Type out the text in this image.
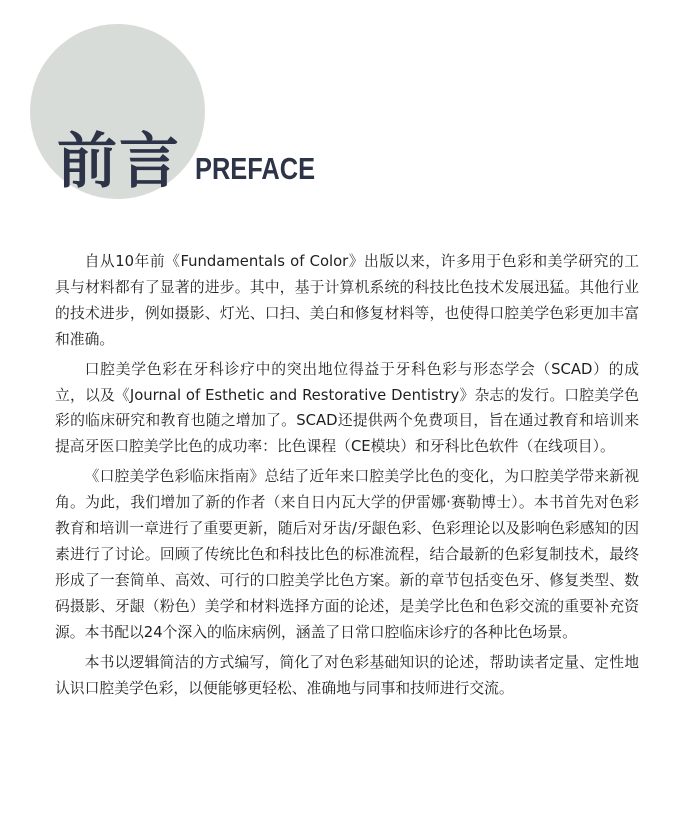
前言 PREFACE

自从10年前《Fundamentals of Color》出版以来，许多用于色彩和美学研究的工具与材料都有了显著的进步。其中，基于计算机系统的科技比色技术发展迅猛。其他行业的技术进步，例如摄影、灯光、口扫、美白和修复材料等，也使得口腔美学色彩更加丰富和准确。

口腔美学色彩在牙科诊疗中的突出地位得益于牙科色彩与形态学会（SCAD）的成立，以及《Journal of Esthetic and Restorative Dentistry》杂志的发行。口腔美学色彩的临床研究和教育也随之增加了。SCAD还提供两个免费项目，旨在通过教育和培训来提高牙医口腔美学比色的成功率：比色课程（CE模块）和牙科比色软件（在线项目）。

《口腔美学色彩临床指南》总结了近年来口腔美学比色的变化，为口腔美学带来新视角。为此，我们增加了新的作者（来自日内瓦大学的伊雷娜·赛勒博士）。本书首先对色彩教育和培训一章进行了重要更新，随后对牙齿/牙龈色彩、色彩理论以及影响色彩感知的因素进行了讨论。回顾了传统比色和科技比色的标准流程，结合最新的色彩复制技术，最终形成了一套简单、高效、可行的口腔美学比色方案。新的章节包括变色牙、修复类型、数码摄影、牙龈（粉色）美学和材料选择方面的论述，是美学比色和色彩交流的重要补充资源。本书配以24个深入的临床病例，涵盖了日常口腔临床诊疗的各种比色场景。

本书以逻辑简洁的方式编写，简化了对色彩基础知识的论述，帮助读者定量、定性地认识口腔美学色彩，以便能够更轻松、准确地与同事和技师进行交流。
